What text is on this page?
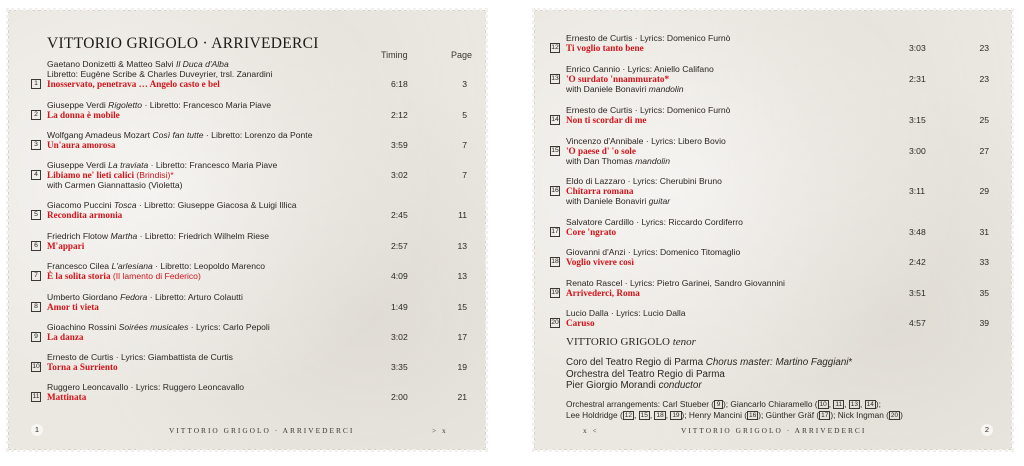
VITTORIO GRIGOLO · ARRIVEDERCI
Timing	Page
Gaetano Donizetti & Matteo Salvi Il Duca d'Alba
Libretto: Eugène Scribe & Charles Duveyrier, trsl. Zanardini
Inosservato, penetrava … Angelo casto e bel
1	6:18	3
Giuseppe Verdi Rigoletto · Libretto: Francesco Maria Piave
La donna è mobile
2	2:12	5
Wolfgang Amadeus Mozart Così fan tutte · Libretto: Lorenzo da Ponte
Un'aura amorosa
3	3:59	7
Giuseppe Verdi La traviata · Libretto: Francesco Maria Piave
Libiamo ne' lieti calici (Brindisi)*
with Carmen Giannattasio (Violetta)
4	3:02	7
Giacomo Puccini Tosca · Libretto: Giuseppe Giacosa & Luigi Illica
Recondita armonia
5	2:45	11
Friedrich Flotow Martha · Libretto: Friedrich Wilhelm Riese
M'appari
6	2:57	13
Francesco Cilea L'arlesiana · Libretto: Leopoldo Marenco
È la solita storia (Il lamento di Federico)
7	4:09	13
Umberto Giordano Fedora · Libretto: Arturo Colautti
Amor ti vieta
8	1:49	15
Gioachino Rossini Soirées musicales · Lyrics: Carlo Pepoli
La danza
9	3:02	17
Ernesto de Curtis · Lyrics: Giambattista de Curtis
Torna a Surriento
10	3:35	19
Ruggero Leoncavallo · Lyrics: Ruggero Leoncavallo
Mattinata
11	2:00	21
1	VITTORIO GRIGOLO · ARRIVEDERCI	> x
Ernesto de Curtis · Lyrics: Domenico Furnò
Ti voglio tanto bene
12	3:03	23
Enrico Cannio · Lyrics: Aniello Califano
'O surdato 'nnammurato*
with Daniele Bonaviri mandolin
13	2:31	23
Ernesto de Curtis · Lyrics: Domenico Furnò
Non ti scordar di me
14	3:15	25
Vincenzo d'Annibale · Lyrics: Libero Bovio
'O paese d' 'o sole
with Dan Thomas mandolin
15	3:00	27
Eldo di Lazzaro · Lyrics: Cherubini Bruno
Chitarra romana
with Daniele Bonaviri guitar
16	3:11	29
Salvatore Cardillo · Lyrics: Riccardo Cordiferro
Core 'ngrato
17	3:48	31
Giovanni d'Anzi · Lyrics: Domenico Titomaglio
Voglio vivere così
18	2:42	33
Renato Rascel · Lyrics: Pietro Garinei, Sandro Giovannini
Arrivederci, Roma
19	3:51	35
Lucio Dalla · Lyrics: Lucio Dalla
Caruso
20	4:57	39
VITTORIO GRIGOLO tenor
Coro del Teatro Regio di Parma Chorus master: Martino Faggiani*
Orchestra del Teatro Regio di Parma
Pier Giorgio Morandi conductor
Orchestral arrangements: Carl Stueber ( 9 ); Giancarlo Chiaramello ( 10 , 11 , 13 , 14 );
Lee Holdridge ( 12 , 15 , 18 , 19 ); Henry Mancini ( 16 ); Günther Gräf ( 17 ); Nick Ingman ( 20 )
x <	VITTORIO GRIGOLO · ARRIVEDERCI	2
